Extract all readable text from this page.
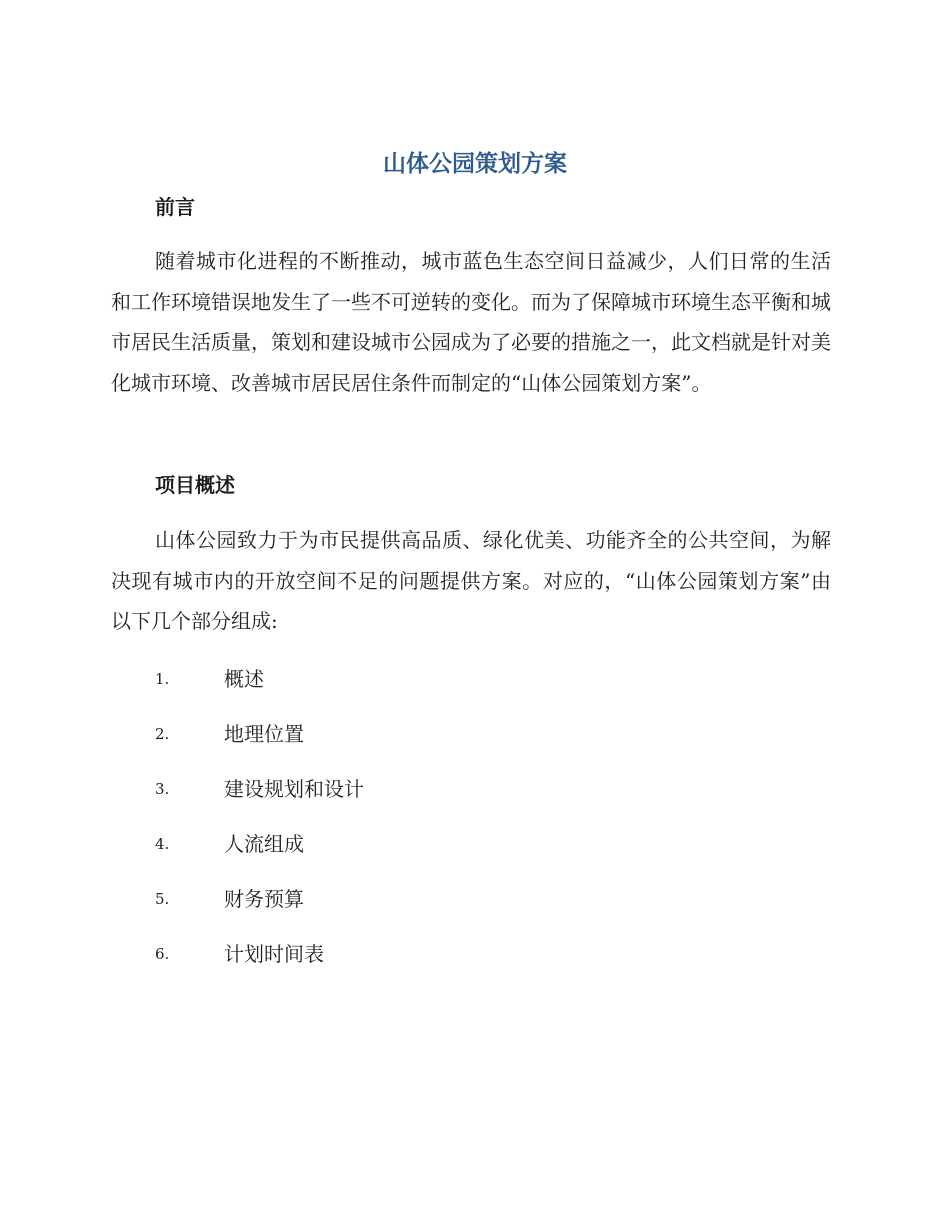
山体公园策划方案
前言
随着城市化进程的不断推动，城市蓝色生态空间日益减少，人们日常的生活和工作环境错误地发生了一些不可逆转的变化。而为了保障城市环境生态平衡和城市居民生活质量，策划和建设城市公园成为了必要的措施之一，此文档就是针对美化城市环境、改善城市居民居住条件而制定的“山体公园策划方案”。
项目概述
山体公园致力于为市民提供高品质、绿化优美、功能齐全的公共空间，为解决现有城市内的开放空间不足的问题提供方案。对应的，“山体公园策划方案”由以下几个部分组成:
1.	概述
2.	地理位置
3.	建设规划和设计
4.	人流组成
5.	财务预算
6.	计划时间表
